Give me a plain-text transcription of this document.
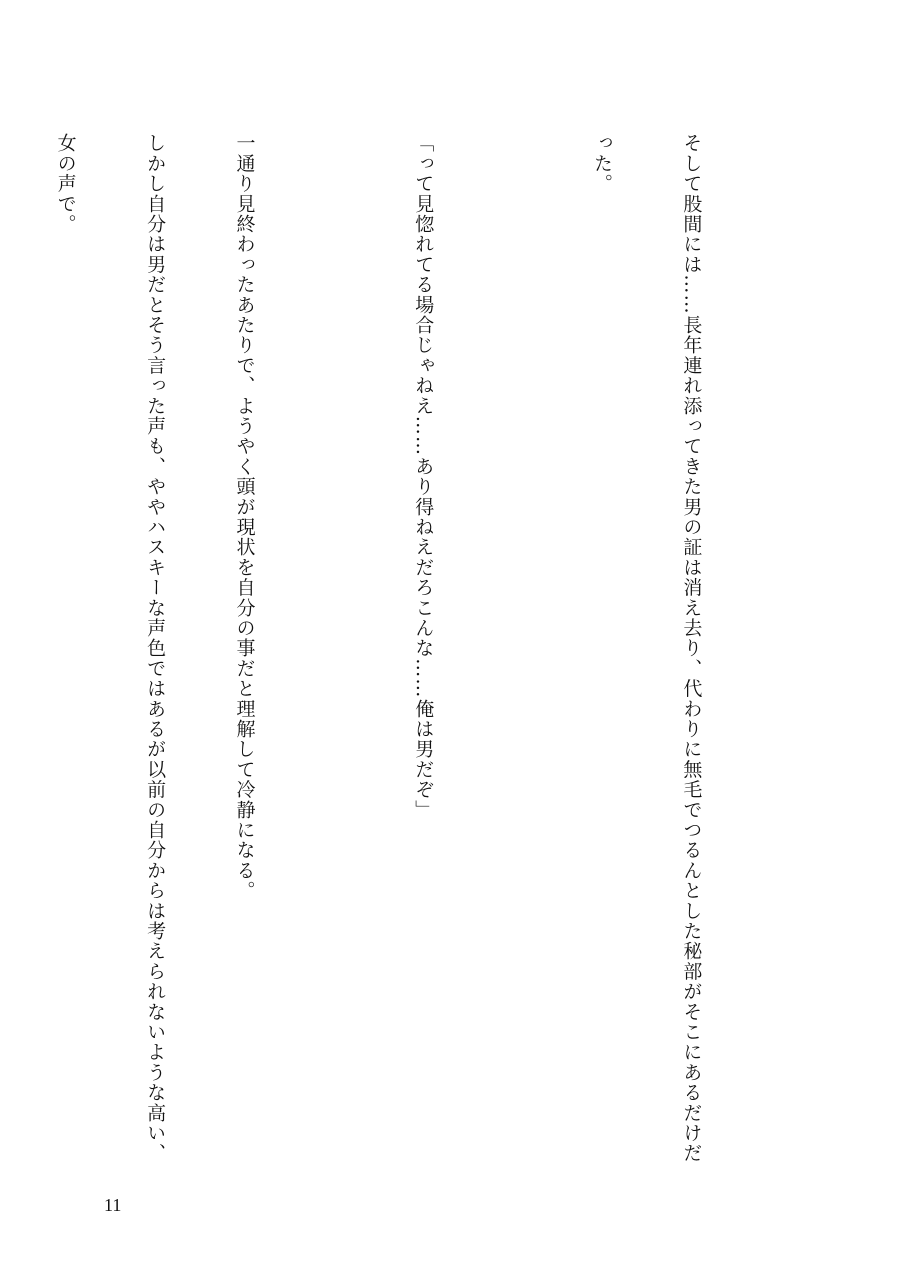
そして股間には……長年連れ添ってきた男の証は消え去り、代わりに無毛でつるんとした秘部がそこにあるだけだ

った。

「って見惚れてる場合じゃねえ……あり得ねえだろこんな……俺は男だぞ」

一通り見終わったあたりで、ようやく頭が現状を自分の事だと理解して冷静になる。

しかし自分は男だとそう言った声も、ややハスキーな声色ではあるが以前の自分からは考えられないような高い、

女の声で。

11
